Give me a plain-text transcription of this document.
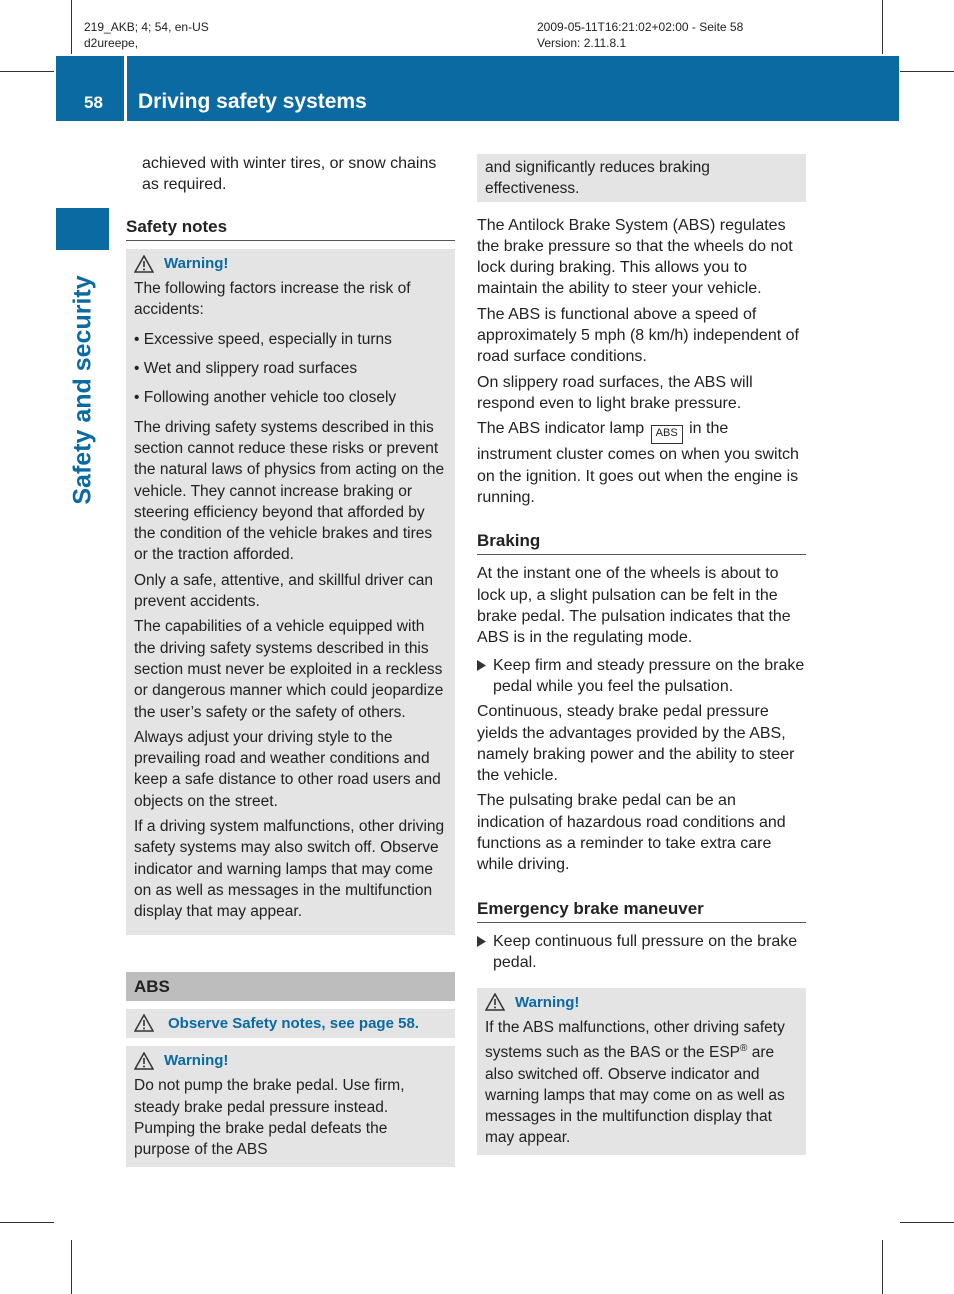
219_AKB; 4; 54, en-US
d2ureepe,
2009-05-11T16:21:02+02:00 - Seite 58
Version: 2.11.8.1
58 Driving safety systems
Safety and security

achieved with winter tires, or snow chains as required.

Safety notes
Warning!

The following factors increase the risk of accidents:

• Excessive speed, especially in turns

• Wet and slippery road surfaces

• Following another vehicle too closely

The driving safety systems described in this section cannot reduce these risks or prevent the natural laws of physics from acting on the vehicle. They cannot increase braking or steering efficiency beyond that afforded by the condition of the vehicle brakes and tires or the traction afforded.

Only a safe, attentive, and skillful driver can prevent accidents.

The capabilities of a vehicle equipped with the driving safety systems described in this section must never be exploited in a reckless or dangerous manner which could jeopardize the user’s safety or the safety of others.

Always adjust your driving style to the prevailing road and weather conditions and keep a safe distance to other road users and objects on the street.

If a driving system malfunctions, other driving safety systems may also switch off. Observe indicator and warning lamps that may come on as well as messages in the multifunction display that may appear.

ABS
Observe Safety notes, see page 58.
Warning!

Do not pump the brake pedal. Use firm, steady brake pedal pressure instead. Pumping the brake pedal defeats the purpose of the ABS

and significantly reduces braking effectiveness.

The Antilock Brake System (ABS) regulates the brake pressure so that the wheels do not lock during braking. This allows you to maintain the ability to steer your vehicle.

The ABS is functional above a speed of approximately 5 mph (8 km/h) independent of road surface conditions.

On slippery road surfaces, the ABS will respond even to light brake pressure.

The ABS indicator lamp ABS in the instrument cluster comes on when you switch on the ignition. It goes out when the engine is running.

Braking

At the instant one of the wheels is about to lock up, a slight pulsation can be felt in the brake pedal. The pulsation indicates that the ABS is in the regulating mode.

Keep firm and steady pressure on the brake pedal while you feel the pulsation.

Continuous, steady brake pedal pressure yields the advantages provided by the ABS, namely braking power and the ability to steer the vehicle.

The pulsating brake pedal can be an indication of hazardous road conditions and functions as a reminder to take extra care while driving.

Emergency brake maneuver
Keep continuous full pressure on the brake pedal.
Warning!

If the ABS malfunctions, other driving safety systems such as the BAS or the ESP® are also switched off. Observe indicator and warning lamps that may come on as well as messages in the multifunction display that may appear.
